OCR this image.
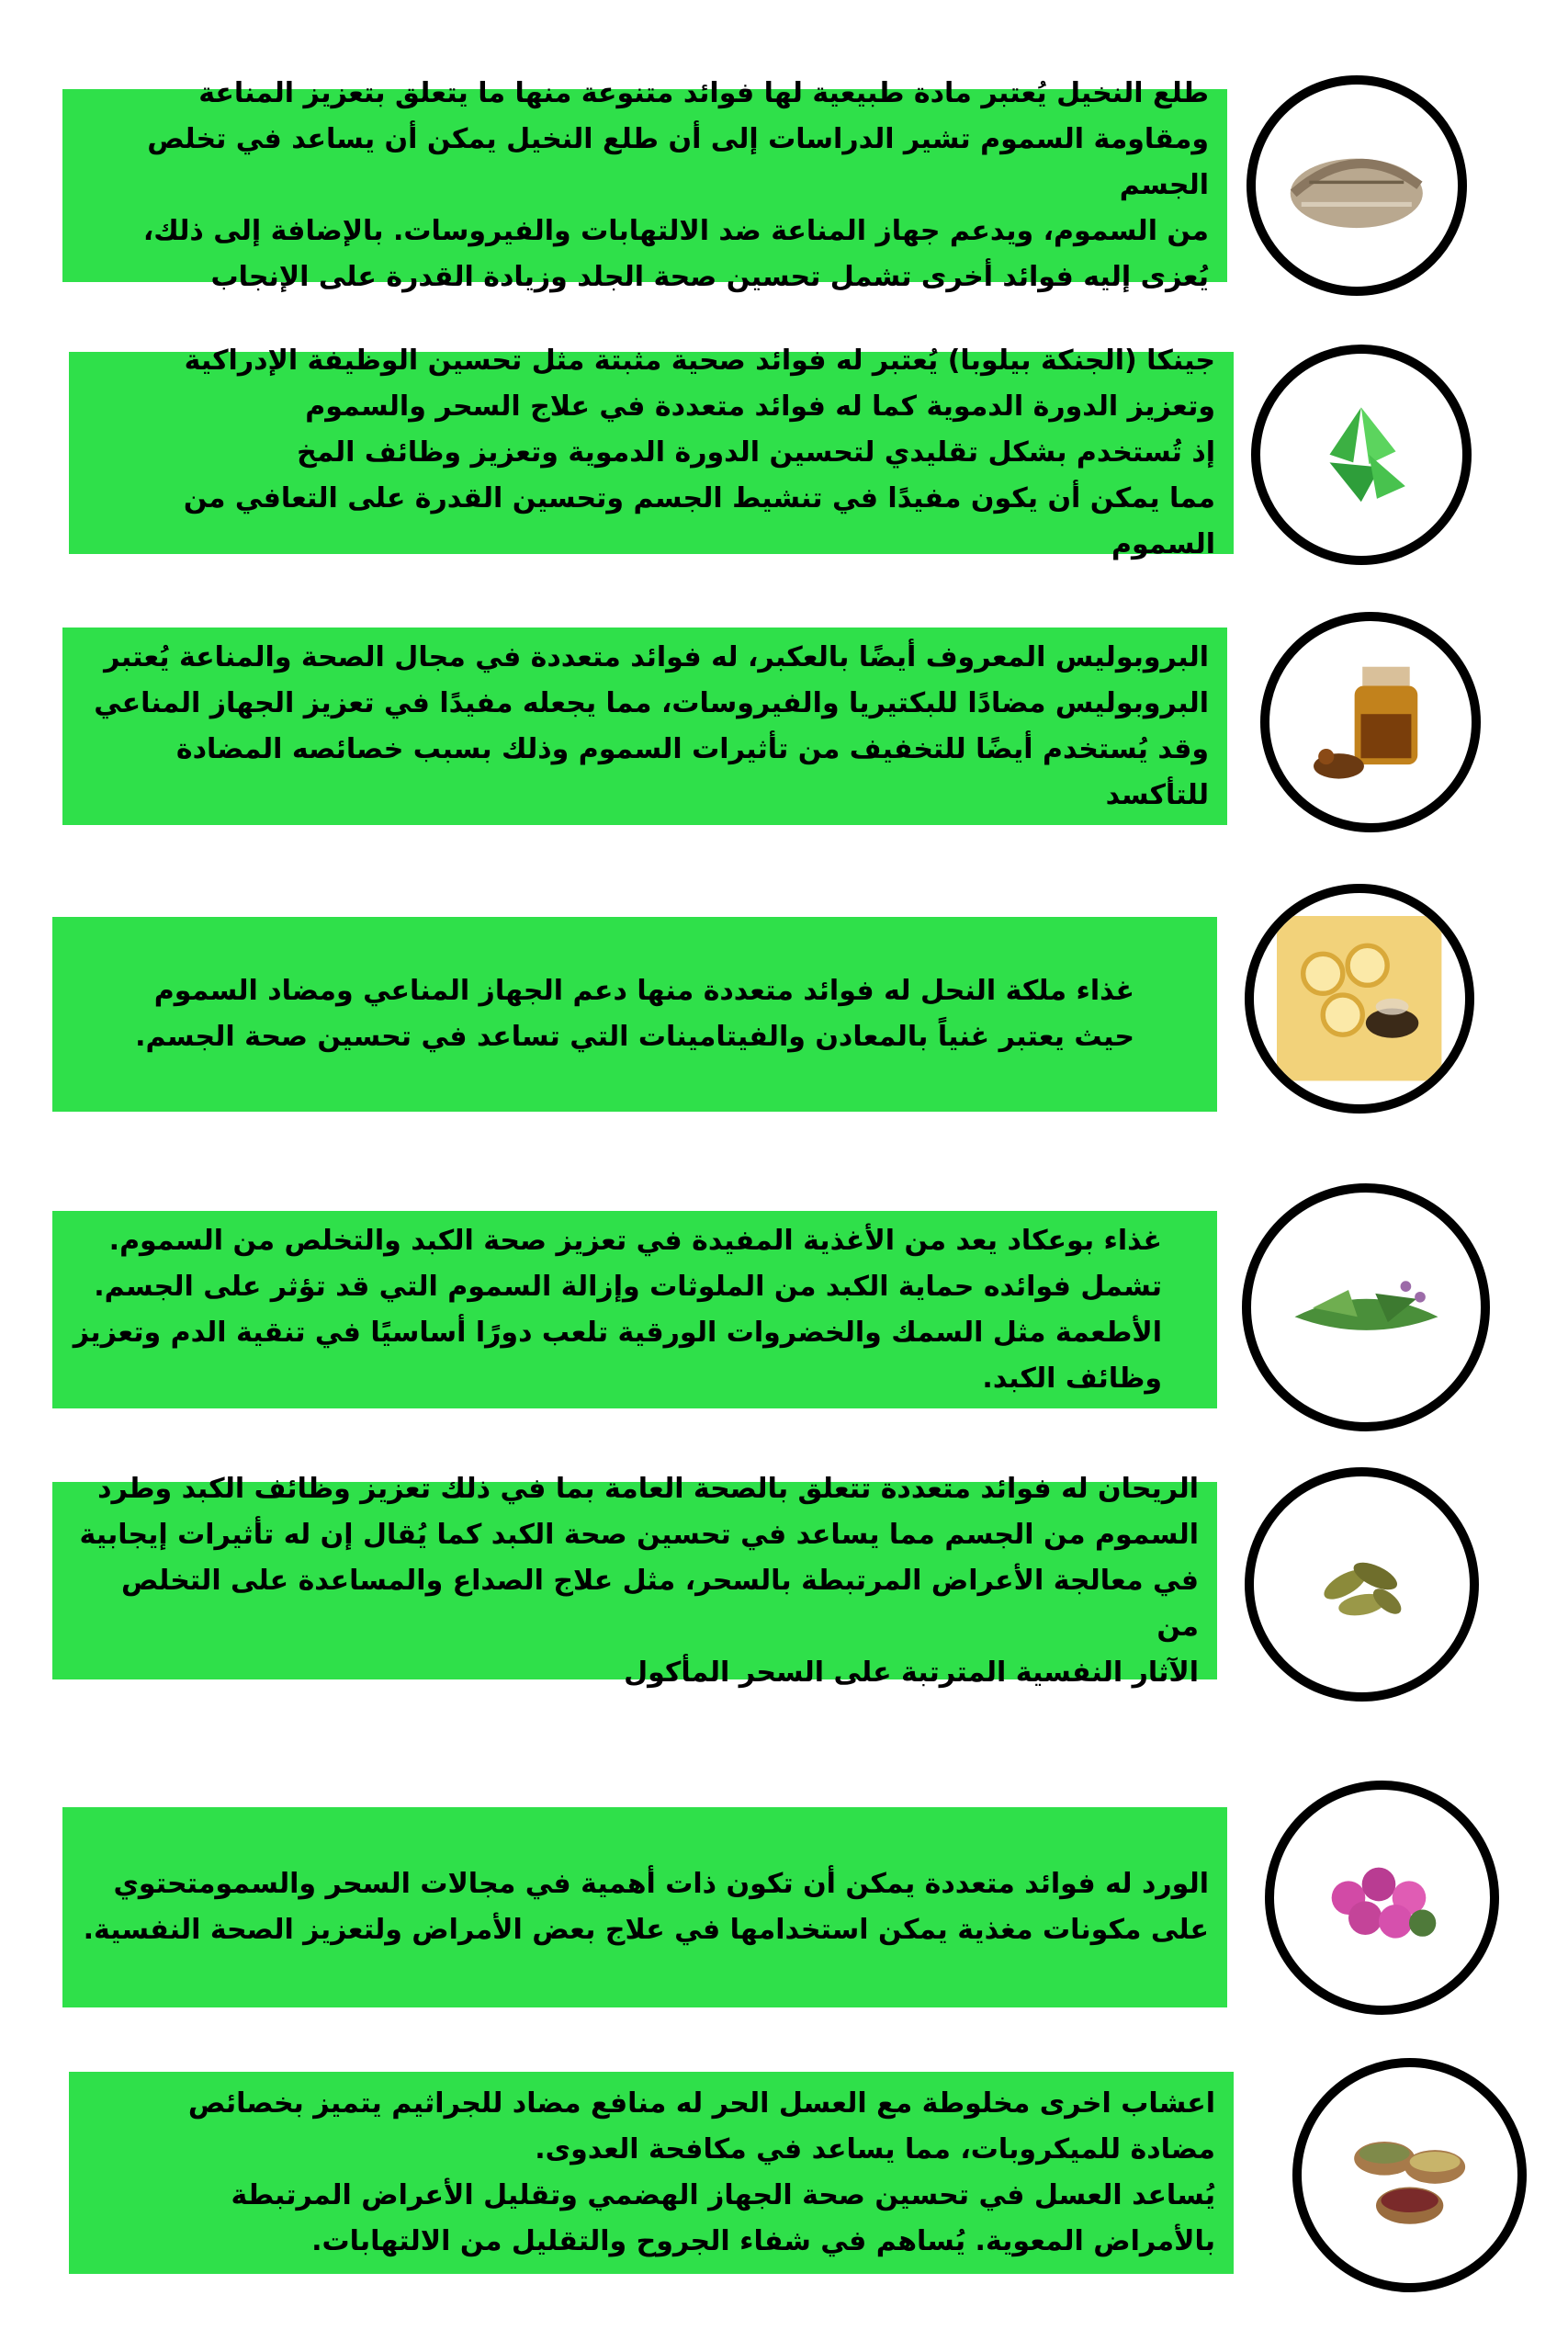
طلع النخيل يُعتبر مادة طبيعية لها فوائد متنوعة منها ما يتعلق بتعزيز المناعة
ومقاومة السموم تشير الدراسات إلى أن طلع النخيل يمكن أن يساعد في تخلص الجسم
من السموم، ويدعم جهاز المناعة ضد الالتهابات والفيروسات. بالإضافة إلى ذلك،
يُعزى إليه فوائد أخرى تشمل تحسين صحة الجلد وزيادة القدرة على الإنجاب
جينكا (الجنكة بيلوبا) يُعتبر له فوائد صحية مثبتة مثل تحسين الوظيفة الإدراكية
وتعزيز الدورة الدموية كما له فوائد متعددة في علاج السحر والسموم
إذ تُستخدم بشكل تقليدي لتحسين الدورة الدموية وتعزيز وظائف المخ
مما يمكن أن يكون مفيدًا في تنشيط الجسم وتحسين القدرة على التعافي من السموم
البروبوليس المعروف أيضًا بالعكبر، له فوائد متعددة في مجال الصحة والمناعة يُعتبر
البروبوليس مضادًا للبكتيريا والفيروسات، مما يجعله مفيدًا في تعزيز الجهاز المناعي
وقد يُستخدم أيضًا للتخفيف من تأثيرات السموم وذلك بسبب خصائصه المضادة للتأكسد
غذاء ملكة النحل له فوائد متعددة منها دعم الجهاز المناعي ومضاد السموم
حيث يعتبر غنياً بالمعادن والفيتامينات التي تساعد في تحسين صحة الجسم.
غذاء بوعكاد يعد من الأغذية المفيدة في تعزيز صحة الكبد والتخلص من السموم.
تشمل فوائده حماية الكبد من الملوثات وإزالة السموم التي قد تؤثر على الجسم.
الأطعمة مثل السمك والخضروات الورقية تلعب دورًا أساسيًا في تنقية الدم وتعزيز
وظائف الكبد.
الريحان له فوائد متعددة تتعلق بالصحة العامة بما في ذلك تعزيز وظائف الكبد وطرد
السموم من الجسم مما يساعد في تحسين صحة الكبد كما يُقال إن له تأثيرات إيجابية
في معالجة الأعراض المرتبطة بالسحر، مثل علاج الصداع والمساعدة على التخلص من
الآثار النفسية المترتبة على السحر المأكول
الورد له فوائد متعددة يمكن أن تكون ذات أهمية في مجالات السحر والسمومتحتوي
على مكونات مغذية يمكن استخدامها في علاج بعض الأمراض ولتعزيز الصحة النفسية.
اعشاب اخرى مخلوطة مع العسل الحر له منافع مضاد للجراثيم يتميز بخصائص
مضادة للميكروبات، مما يساعد في مكافحة العدوى.
يُساعد العسل في تحسين صحة الجهاز الهضمي وتقليل الأعراض المرتبطة
بالأمراض المعوية. يُساهم في شفاء الجروح والتقليل من الالتهابات.
